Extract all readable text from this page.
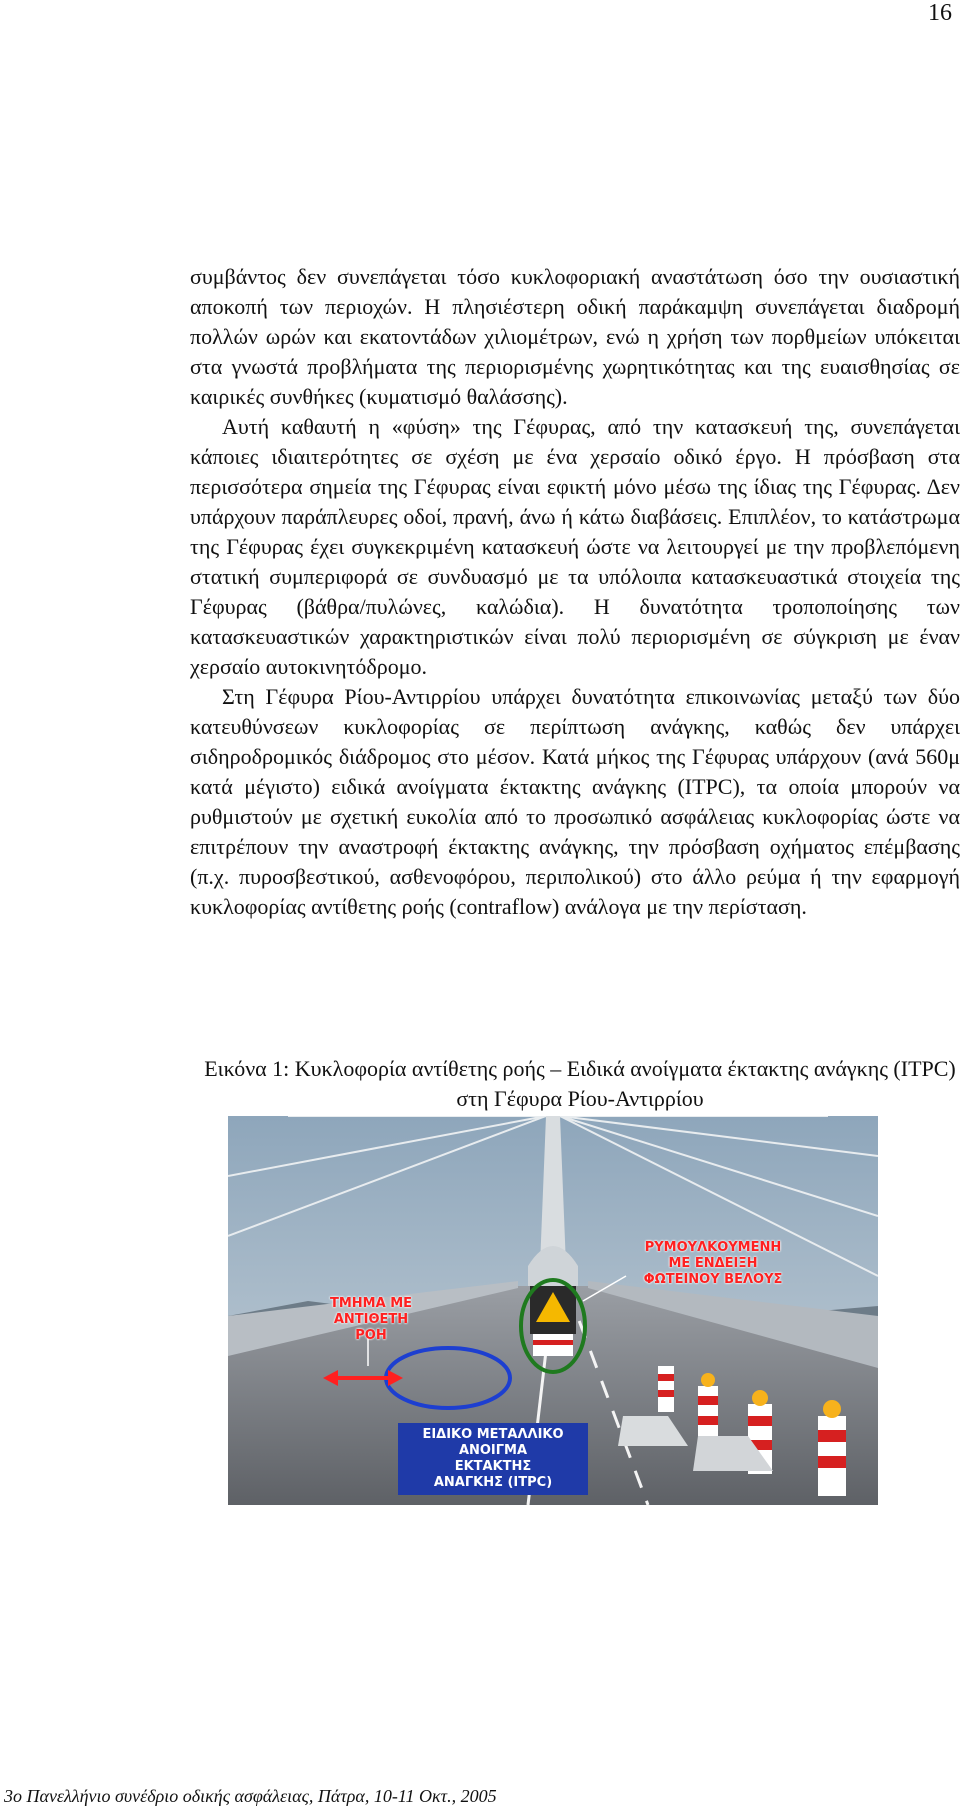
16

συμβάντος δεν συνεπάγεται τόσο κυκλοφοριακή αναστάτωση όσο την ουσιαστική αποκοπή των περιοχών. Η πλησιέστερη οδική παράκαμψη συνεπάγεται διαδρομή πολλών ωρών και εκατοντάδων χιλιομέτρων, ενώ η χρήση των πορθμείων υπόκειται στα γνωστά προβλήματα της περιορισμένης χωρητικότητας και της ευαισθησίας σε καιρικές συνθήκες (κυματισμό θαλάσσης).

Αυτή καθαυτή η «φύση» της Γέφυρας, από την κατασκευή της, συνεπάγεται κάποιες ιδιαιτερότητες σε σχέση με ένα χερσαίο οδικό έργο. Η πρόσβαση στα περισσότερα σημεία της Γέφυρας είναι εφικτή μόνο μέσω της ίδιας της Γέφυρας. Δεν υπάρχουν παράπλευρες οδοί, πρανή, άνω ή κάτω διαβάσεις. Επιπλέον, το κατάστρωμα της Γέφυρας έχει συγκεκριμένη κατασκευή ώστε να λειτουργεί με την προβλεπόμενη στατική συμπεριφορά σε συνδυασμό με τα υπόλοιπα κατασκευαστικά στοιχεία της Γέφυρας (βάθρα/πυλώνες, καλώδια). Η δυνατότητα τροποποίησης των κατασκευαστικών χαρακτηριστικών είναι πολύ περιορισμένη σε σύγκριση με έναν χερσαίο αυτοκινητόδρομο.

Στη Γέφυρα Ρίου-Αντιρρίου υπάρχει δυνατότητα επικοινωνίας μεταξύ των δύο κατευθύνσεων κυκλοφορίας σε περίπτωση ανάγκης, καθώς δεν υπάρχει σιδηροδρομικός διάδρομος στο μέσον. Κατά μήκος της Γέφυρας υπάρχουν (ανά 560μ κατά μέγιστο) ειδικά ανοίγματα έκτακτης ανάγκης (ITPC), τα οποία μπορούν να ρυθμιστούν με σχετική ευκολία από το προσωπικό ασφάλειας κυκλοφορίας ώστε να επιτρέπουν την αναστροφή έκτακτης ανάγκης, την πρόσβαση οχήματος επέμβασης (π.χ. πυροσβεστικού, ασθενοφόρου, περιπολικού) στο άλλο ρεύμα ή την εφαρμογή κυκλοφορίας αντίθετης ροής (contraflow) ανάλογα με την περίσταση.

Εικόνα 1: Κυκλοφορία αντίθετης ροής – Ειδικά ανοίγματα έκτακτης ανάγκης (ITPC) στη Γέφυρα Ρίου-Αντιρρίου
ΤΜΗΜΑ ΜΕ
ΑΝΤΙΘΕΤΗ ΡΟΗ
ΡΥΜΟΥΛΚΟΥΜΕΝΗ
ΜΕ ΕΝΔΕΙΞΗ
ΦΩΤΕΙΝΟΥ ΒΕΛΟΥΣ
ΕΙΔΙΚΟ ΜΕΤΑΛΛΙΚΟ
ΑΝΟΙΓΜΑ
ΕΚΤΑΚΤΗΣ
ΑΝΑΓΚΗΣ (ITPC)
3ο Πανελλήνιο συνέδριο οδικής ασφάλειας, Πάτρα, 10-11 Οκτ., 2005
